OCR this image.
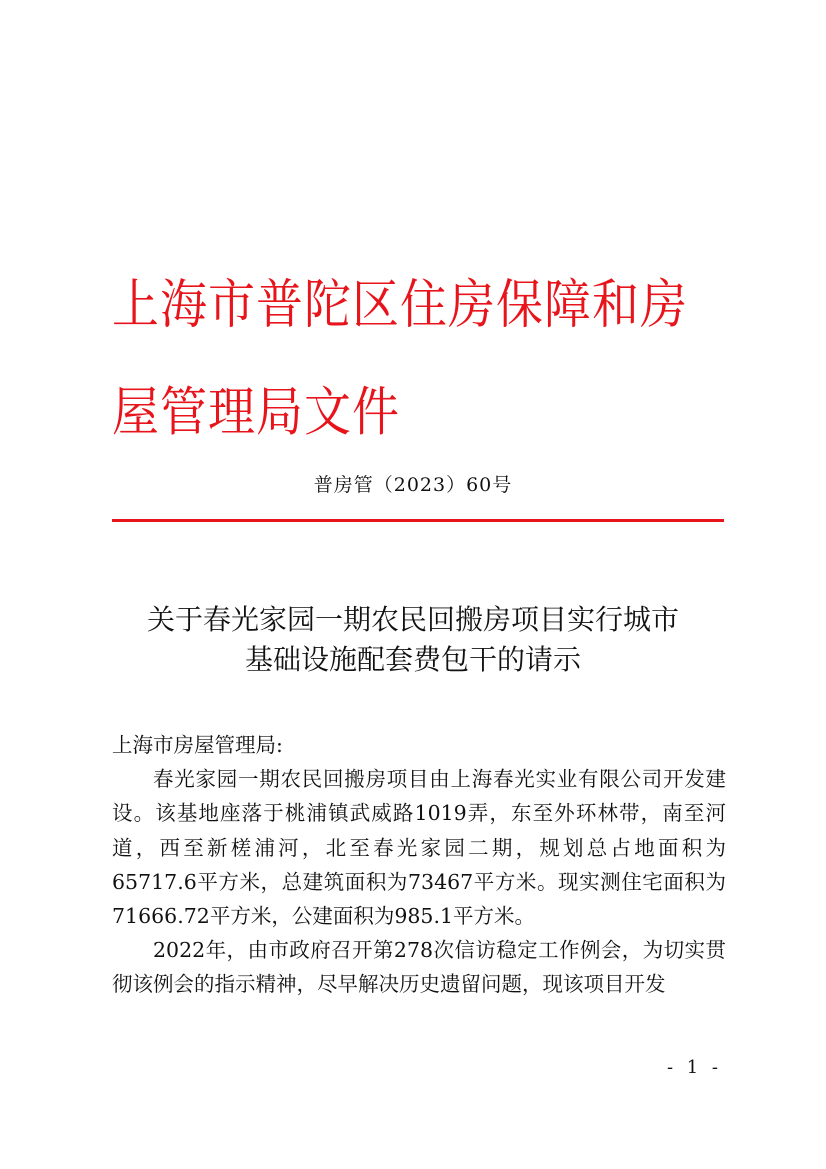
上海市普陀区住房保障和房屋管理局文件
普房管（2023）60号
关于春光家园一期农民回搬房项目实行城市
基础设施配套费包干的请示

上海市房屋管理局:

春光家园一期农民回搬房项目由上海春光实业有限公司开发建设。该基地座落于桃浦镇武威路1019弄，东至外环林带，南至河道，西至新槎浦河，北至春光家园二期，规划总占地面积为65717.6平方米，总建筑面积为73467平方米。现实测住宅面积为71666.72平方米，公建面积为985.1平方米。

2022年，由市政府召开第278次信访稳定工作例会，为切实贯彻该例会的指示精神，尽早解决历史遗留问题，现该项目开发

- 1 -
